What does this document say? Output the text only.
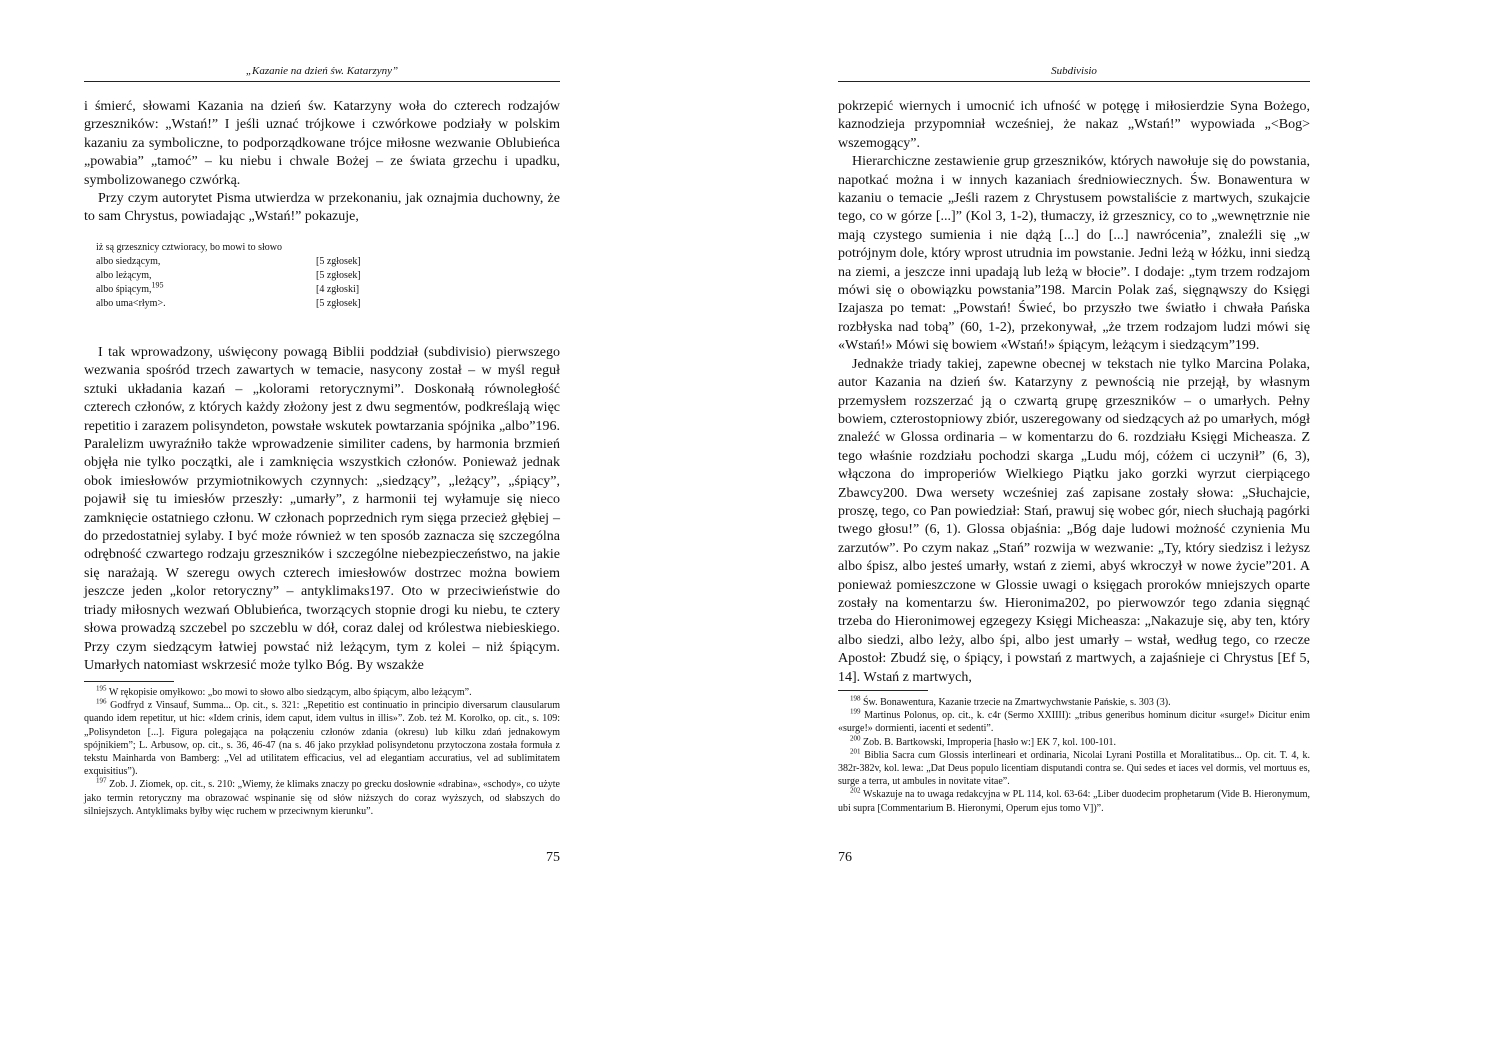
„Kazanie na dzień św. Katarzyny”

i śmierć, słowami Kazania na dzień św. Katarzyny woła do czterech rodzajów grzeszników: „Wstań!” I jeśli uznać trójkowe i czwórkowe podziały w polskim kazaniu za symboliczne, to podporządkowane trójce miłosne wezwanie Oblubieńca „powabia” „tamoć” – ku niebu i chwale Bożej – ze świata grzechu i upadku, symbolizowanego czwórką.

Przy czym autorytet Pisma utwierdza w przekonaniu, jak oznajmia duchowny, że to sam Chrystus, powiadając „Wstań!” pokazuje,

iż są grzesznicy cztwioracy, bo mowi to słowo
albo siedzącym,	[5 zgłosek]
albo leżącym,	[5 zgłosek]
albo śpiącym,$^{195}$	[4 zgłoski]
albo uma<rłym>.	[5 zgłosek]

I tak wprowadzony, uświęcony powagą Biblii poddział (subdivisio) pierwszego wezwania spośród trzech zawartych w temacie, nasycony został – w myśl reguł sztuki układania kazań – „kolorami retorycznymi”. Doskonałą równoległość czterech członów, z których każdy złożony jest z dwu segmentów, podkreślają więc repetitio i zarazem polisyndeton, powstałe wskutek powtarzania spójnika „albo”196. Paralelizm uwyraźniło także wprowadzenie similiter cadens, by harmonia brzmień objęła nie tylko początki, ale i zamknięcia wszystkich członów. Ponieważ jednak obok imiesłowów przymiotnikowych czynnych: „siedzący”, „leżący”, „śpiący”, pojawił się tu imiesłów przeszły: „umarły”, z harmonii tej wyłamuje się nieco zamknięcie ostatniego członu. W członach poprzednich rym sięga przecież głębiej – do przedostatniej sylaby. I być może również w ten sposób zaznacza się szczególna odrębność czwartego rodzaju grzeszników i szczególne niebezpieczeństwo, na jakie się narażają. W szeregu owych czterech imiesłowów dostrzec można bowiem jeszcze jeden „kolor retoryczny” – antyklimaks197. Oto w przeciwieństwie do triady miłosnych wezwań Oblubieńca, tworzących stopnie drogi ku niebu, te cztery słowa prowadzą szczebel po szczeblu w dół, coraz dalej od królestwa niebieskiego. Przy czym siedzącym łatwiej powstać niż leżącym, tym z kolei – niż śpiącym. Umarłych natomiast wskrzesić może tylko Bóg. By wszakże

$^{195}$ W rękopisie omyłkowo: „bo mowi to słowo albo siedzącym, albo śpiącym, albo leżącym”.

$^{196}$ Godfryd z Vinsauf, Summa... Op. cit., s. 321: „Repetitio est continuatio in principio diversarum clausularum quando idem repetitur, ut hic: «Idem crinis, idem caput, idem vultus in illis»”. Zob. też M. Korolko, op. cit., s. 109: „Polisyndeton [...]. Figura polegająca na połączeniu członów zdania (okresu) lub kilku zdań jednakowym spójnikiem”; L. Arbusow, op. cit., s. 36, 46-47 (na s. 46 jako przykład polisyndetonu przytoczona została formuła z tekstu Mainharda von Bamberg: „Vel ad utilitatem efficacius, vel ad elegantiam accuratius, vel ad sublimitatem exquisitius”).

$^{197}$ Zob. J. Ziomek, op. cit., s. 210: „Wiemy, że klimaks znaczy po grecku dosłownie «drabina», «schody», co użyte jako termin retoryczny ma obrazować wspinanie się od słów niższych do coraz wyższych, od słabszych do silniejszych. Antyklimaks byłby więc ruchem w przeciwnym kierunku”.

75
Subdivisio

pokrzepić wiernych i umocnić ich ufność w potęgę i miłosierdzie Syna Bożego, kaznodzieja przypomniał wcześniej, że nakaz „Wstań!” wypowiada „<Bog> wszemogący”.

Hierarchiczne zestawienie grup grzeszników, których nawołuje się do powstania, napotkać można i w innych kazaniach średniowiecznych. Św. Bonawentura w kazaniu o temacie „Jeśli razem z Chrystusem powstaliście z martwych, szukajcie tego, co w górze [...]” (Kol 3, 1-2), tłumaczy, iż grzesznicy, co to „wewnętrznie nie mają czystego sumienia i nie dążą [...] do [...] nawrócenia”, znaleźli się „w potrójnym dole, który wprost utrudnia im powstanie. Jedni leżą w łóżku, inni siedzą na ziemi, a jeszcze inni upadają lub leżą w błocie”. I dodaje: „tym trzem rodzajom mówi się o obowiązku powstania”198. Marcin Polak zaś, sięgnąwszy do Księgi Izajasza po temat: „Powstań! Świeć, bo przyszło twe światło i chwała Pańska rozbłyska nad tobą” (60, 1-2), przekonywał, „że trzem rodzajom ludzi mówi się «Wstań!» Mówi się bowiem «Wstań!» śpiącym, leżącym i siedzącym”199.

Jednakże triady takiej, zapewne obecnej w tekstach nie tylko Marcina Polaka, autor Kazania na dzień św. Katarzyny z pewnością nie przejął, by własnym przemysłem rozszerzać ją o czwartą grupę grzeszników – o umarłych. Pełny bowiem, czterostopniowy zbiór, uszeregowany od siedzących aż po umarłych, mógł znaleźć w Glossa ordinaria – w komentarzu do 6. rozdziału Księgi Micheasza. Z tego właśnie rozdziału pochodzi skarga „Ludu mój, cóżem ci uczynił” (6, 3), włączona do improperiów Wielkiego Piątku jako gorzki wyrzut cierpiącego Zbawcy200. Dwa wersety wcześniej zaś zapisane zostały słowa: „Słuchajcie, proszę, tego, co Pan powiedział: Stań, prawuj się wobec gór, niech słuchają pagórki twego głosu!” (6, 1). Glossa objaśnia: „Bóg daje ludowi możność czynienia Mu zarzutów”. Po czym nakaz „Stań” rozwija w wezwanie: „Ty, który siedzisz i leżysz albo śpisz, albo jesteś umarły, wstań z ziemi, abyś wkroczył w nowe życie”201. A ponieważ pomieszczone w Glossie uwagi o księgach proroków mniejszych oparte zostały na komentarzu św. Hieronima202, po pierwowzór tego zdania sięgnąć trzeba do Hieronimowej egzegezy Księgi Micheasza: „Nakazuje się, aby ten, który albo siedzi, albo leży, albo śpi, albo jest umarły – wstał, według tego, co rzecze Apostoł: Zbudź się, o śpiący, i powstań z martwych, a zajaśnieje ci Chrystus [Ef 5, 14]. Wstań z martwych,

$^{198}$ Św. Bonawentura, Kazanie trzecie na Zmartwychwstanie Pańskie, s. 303 (3).

$^{199}$ Martinus Polonus, op. cit., k. c4r (Sermo XXIIII): „tribus generibus hominum dicitur «surge!» Dicitur enim «surge!» dormienti, iacenti et sedenti”.

$^{200}$ Zob. B. Bartkowski, Improperia [hasło w:] EK 7, kol. 100-101.

$^{201}$ Biblia Sacra cum Glossis interlineari et ordinaria, Nicolai Lyrani Postilla et Moralitatibus... Op. cit. T. 4, k. 382r-382v, kol. lewa: „Dat Deus populo licentiam disputandi contra se. Qui sedes et iaces vel dormis, vel mortuus es, surge a terra, ut ambules in novitate vitae”.

$^{202}$ Wskazuje na to uwaga redakcyjna w PL 114, kol. 63-64: „Liber duodecim prophetarum (Vide B. Hieronymum, ubi supra [Commentarium B. Hieronymi, Operum ejus tomo V])”.

76
